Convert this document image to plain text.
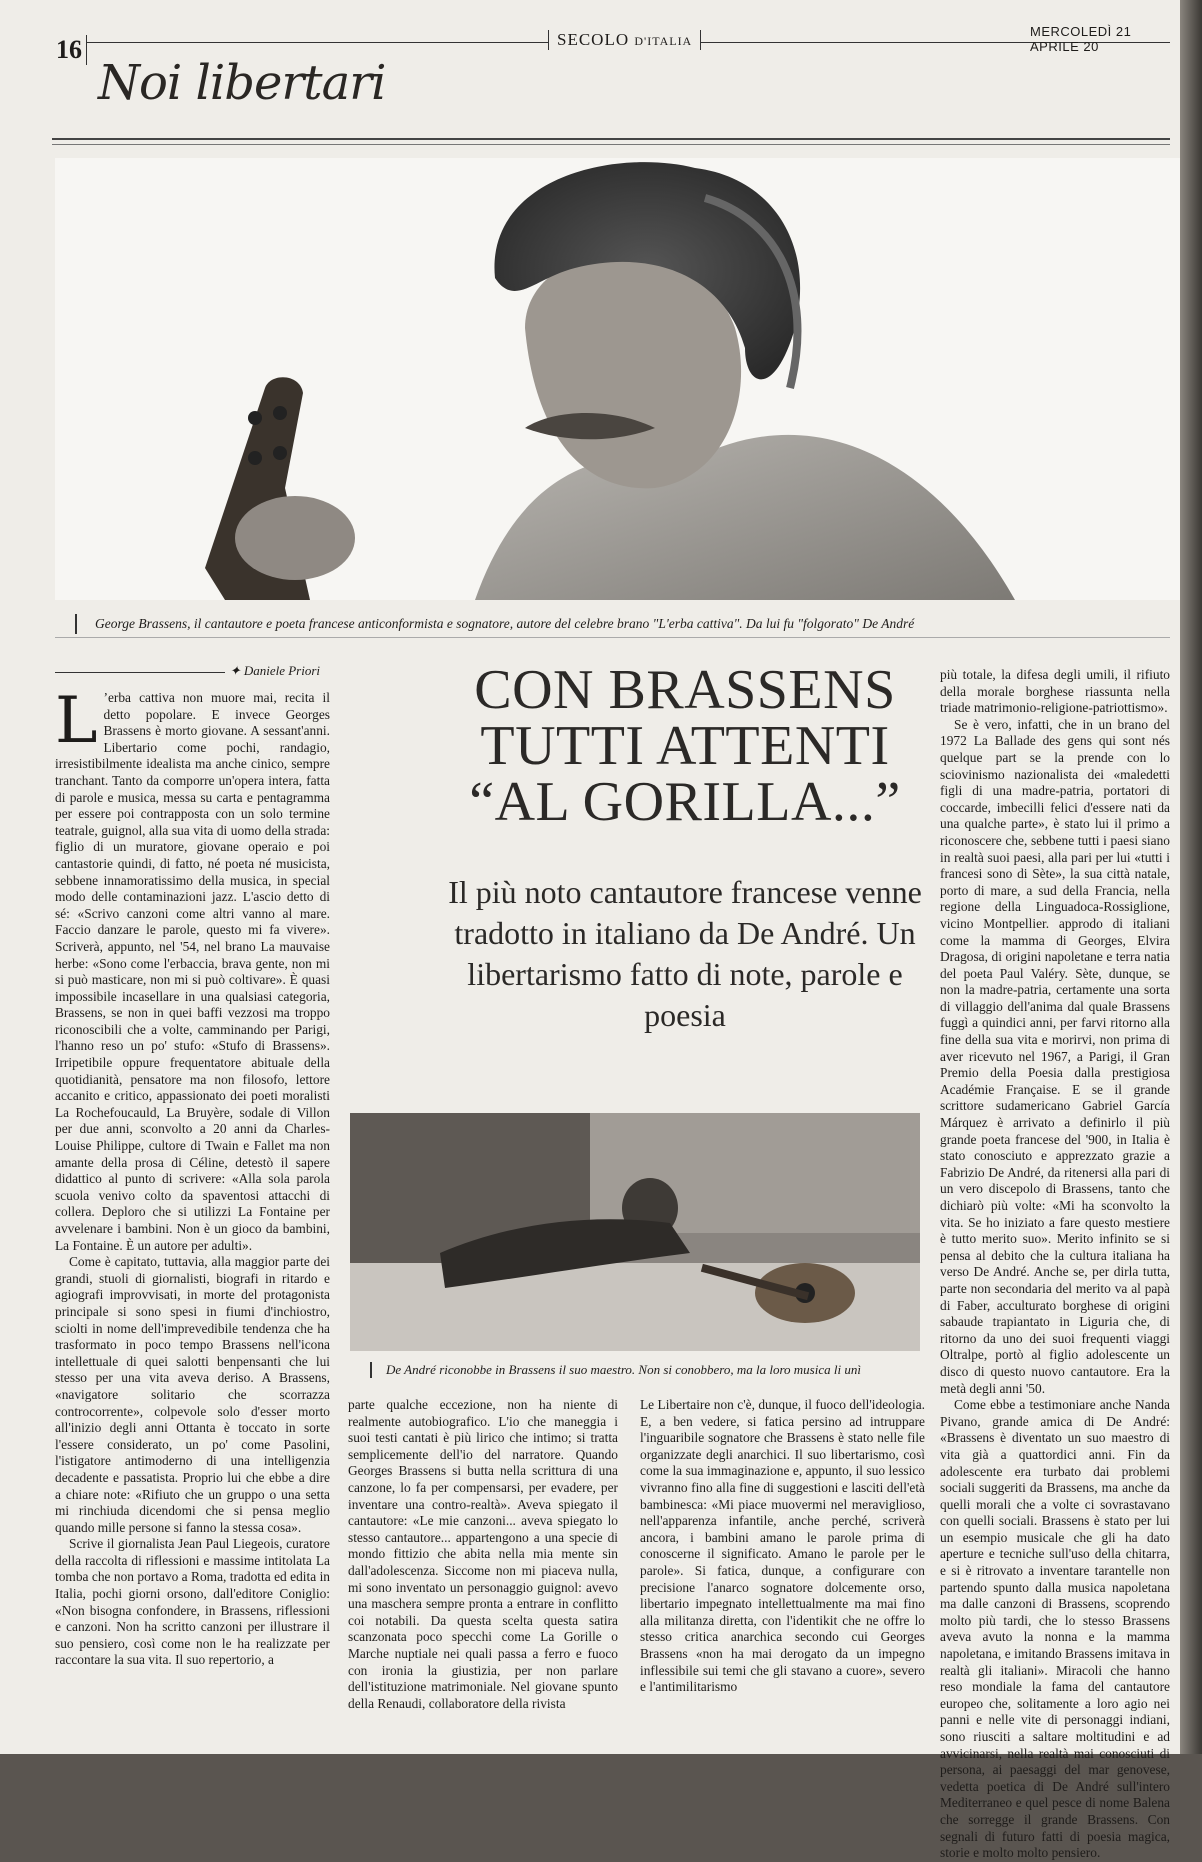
16	SECOLO D'ITALIA
MERCOLEDÌ 21 APRILE 20
Noi libertari
George Brassens, il cantautore e poeta francese anticonformista e sognatore, autore del celebre brano "L'erba cattiva". Da lui fu "folgorato" De André
✦ Daniele Priori
L ’erba cattiva non muore mai, recita il detto popolare. E invece Georges Brassens è morto giovane. A sessant'anni. Libertario come pochi, randagio, irresistibilmente idealista ma anche cinico, sempre tranchant. Tanto da comporre un'opera intera, fatta di parole e musica, messa su carta e pentagramma per essere poi contrapposta con un solo termine teatrale, guignol, alla sua vita di uomo della strada: figlio di un muratore, giovane operaio e poi cantastorie quindi, di fatto, né poeta né musicista, sebbene innamoratissimo della musica, in special modo delle contaminazioni jazz. L'ascio detto di sé: «Scrivo canzoni come altri vanno al mare. Faccio danzare le parole, questo mi fa vivere». Scriverà, appunto, nel '54, nel brano La mauvaise herbe: «Sono come l'erbaccia, brava gente, non mi si può masticare, non mi si può coltivare». È quasi impossibile incasellare in una qualsiasi categoria, Brassens, se non in quei baffi vezzosi ma troppo riconoscibili che a volte, camminando per Parigi, l'hanno reso un po' stufo: «Stufo di Brassens». Irripetibile oppure frequentatore abituale della quotidianità, pensatore ma non filosofo, lettore accanito e critico, appassionato dei poeti moralisti La Rochefoucauld, La Bruyère, sodale di Villon per due anni, sconvolto a 20 anni da Charles-Louise Philippe, cultore di Twain e Fallet ma non amante della prosa di Céline, detestò il sapere didattico al punto di scrivere: «Alla sola parola scuola venivo colto da spaventosi attacchi di collera. Deploro che si utilizzi La Fontaine per avvelenare i bambini. Non è un gioco da bambini, La Fontaine. È un autore per adulti».

Come è capitato, tuttavia, alla maggior parte dei grandi, stuoli di giornalisti, biografi in ritardo e agiografi improvvisati, in morte del protagonista principale si sono spesi in fiumi d'inchiostro, sciolti in nome dell'imprevedibile tendenza che ha trasformato in poco tempo Brassens nell'icona intellettuale di quei salotti benpensanti che lui stesso per una vita aveva deriso. A Brassens, «navigatore solitario che scorrazza controcorrente», colpevole solo d'esser morto all'inizio degli anni Ottanta è toccato in sorte l'essere considerato, un po' come Pasolini, l'istigatore antimoderno di una intelligenzia decadente e passatista. Proprio lui che ebbe a dire a chiare note: «Rifiuto che un gruppo o una setta mi rinchiuda dicendomi che si pensa meglio quando mille persone si fanno la stessa cosa».

Scrive il giornalista Jean Paul Liegeois, curatore della raccolta di riflessioni e massime intitolata La tomba che non portavo a Roma, tradotta ed edita in Italia, pochi giorni orsono, dall'editore Coniglio: «Non bisogna confondere, in Brassens, riflessioni e canzoni. Non ha scritto canzoni per illustrare il suo pensiero, così come non le ha realizzate per raccontare la sua vita. Il suo repertorio, a

CON BRASSENS
TUTTI ATTENTI
“AL GORILLA...”
Il più noto cantautore francese venne tradotto in italiano da De André. Un libertarismo fatto di note, parole e poesia
De André riconobbe in Brassens il suo maestro. Non si conobbero, ma la loro musica li unì

parte qualche eccezione, non ha niente di realmente autobiografico. L'io che maneggia i suoi testi cantati è più lirico che intimo; si tratta semplicemente dell'io del narratore. Quando Georges Brassens si butta nella scrittura di una canzone, lo fa per compensarsi, per evadere, per inventare una contro-realtà». Aveva spiegato il cantautore: «Le mie canzoni... aveva spiegato lo stesso cantautore... appartengono a una specie di mondo fittizio che abita nella mia mente sin dall'adolescenza. Siccome non mi piaceva nulla, mi sono inventato un personaggio guignol: avevo una maschera sempre pronta a entrare in conflitto coi notabili. Da questa scelta questa satira scanzonata poco specchi come La Gorille o Marche nuptiale nei quali passa a ferro e fuoco con ironia la giustizia, per non parlare dell'istituzione matrimoniale. Nel giovane spunto della Renaudi, collaboratore della rivista

Le Libertaire non c'è, dunque, il fuoco dell'ideologia. E, a ben vedere, si fatica persino ad intruppare l'inguaribile sognatore che Brassens è stato nelle file organizzate degli anarchici. Il suo libertarismo, così come la sua immaginazione e, appunto, il suo lessico vivranno fino alla fine di suggestioni e lasciti dell'età bambinesca: «Mi piace muovermi nel meraviglioso, nell'apparenza infantile, anche perché, scriverà ancora, i bambini amano le parole prima di conoscerne il significato. Amano le parole per le parole». Si fatica, dunque, a configurare con precisione l'anarco sognatore dolcemente orso, libertario impegnato intellettualmente ma mai fino alla militanza diretta, con l'identikit che ne offre lo stesso critica anarchica secondo cui Georges Brassens «non ha mai derogato da un impegno inflessibile sui temi che gli stavano a cuore», severo e l'antimilitarismo

più totale, la difesa degli umili, il rifiuto della morale borghese riassunta nella triade matrimonio-religione-patriottismo».

Se è vero, infatti, che in un brano del 1972 La Ballade des gens qui sont nés quelque part se la prende con lo sciovinismo nazionalista dei «maledetti figli di una madre-patria, portatori di coccarde, imbecilli felici d'essere nati da una qualche parte», è stato lui il primo a riconoscere che, sebbene tutti i paesi siano in realtà suoi paesi, alla pari per lui «tutti i francesi sono di Sète», la sua città natale, porto di mare, a sud della Francia, nella regione della Linguadoca-Rossiglione, vicino Montpellier. approdo di italiani come la mamma di Georges, Elvira Dragosa, di origini napoletane e terra natia del poeta Paul Valéry. Sète, dunque, se non la madre-patria, certamente una sorta di villaggio dell'anima dal quale Brassens fuggì a quindici anni, per farvi ritorno alla fine della sua vita e morirvi, non prima di aver ricevuto nel 1967, a Parigi, il Gran Premio della Poesia dalla prestigiosa Académie Française. E se il grande scrittore sudamericano Gabriel García Márquez è arrivato a definirlo il più grande poeta francese del '900, in Italia è stato conosciuto e apprezzato grazie a Fabrizio De André, da ritenersi alla pari di un vero discepolo di Brassens, tanto che dichiarò più volte: «Mi ha sconvolto la vita. Se ho iniziato a fare questo mestiere è tutto merito suo». Merito infinito se si pensa al debito che la cultura italiana ha verso De André. Anche se, per dirla tutta, parte non secondaria del merito va al papà di Faber, acculturato borghese di origini sabaude trapiantato in Liguria che, di ritorno da uno dei suoi frequenti viaggi Oltralpe, portò al figlio adolescente un disco di questo nuovo cantautore. Era la metà degli anni '50.

Come ebbe a testimoniare anche Nanda Pivano, grande amica di De André: «Brassens è diventato un suo maestro di vita già a quattordici anni. Fin da adolescente era turbato dai problemi sociali suggeriti da Brassens, ma anche da quelli morali che a volte ci sovrastavano con quelli sociali. Brassens è stato per lui un esempio musicale che gli ha dato aperture e tecniche sull'uso della chitarra, e si è ritrovato a inventare tarantelle non partendo spunto dalla musica napoletana ma dalle canzoni di Brassens, scoprendo molto più tardi, che lo stesso Brassens aveva avuto la nonna e la mamma napoletana, e imitando Brassens imitava in realtà gli italiani». Miracoli che hanno reso mondiale la fama del cantautore europeo che, solitamente a loro agio nei panni e nelle vite di personaggi indiani, sono riusciti a saltare moltitudini e ad avvicinarsi, nella realtà mai conosciuti di persona, ai paesaggi del mar genovese, vedetta poetica di De André sull'intero Mediterraneo e quel pesce di nome Balena che sorregge il grande Brassens. Con segnali di futuro fatti di poesia magica, storie e molto molto pensiero.
